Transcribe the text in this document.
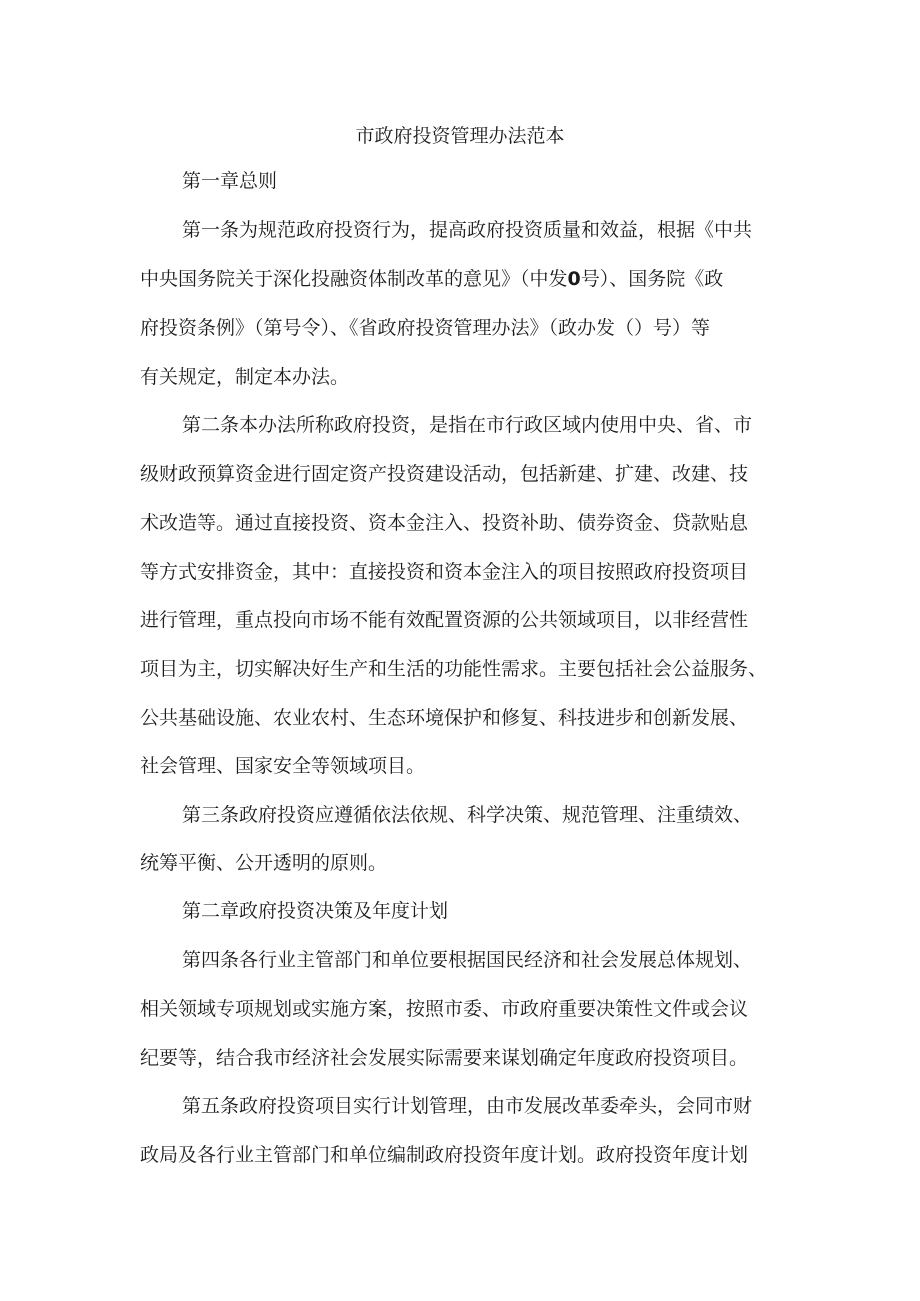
市政府投资管理办法范本
第一章总则
第一条为规范政府投资行为，提高政府投资质量和效益，根据《中共
中央国务院关于深化投融资体制改革的意见》（中发0号）、国务院《政
府投资条例》（第号令）、《省政府投资管理办法》（政办发（）号）等
有关规定，制定本办法。
第二条本办法所称政府投资，是指在市行政区域内使用中央、省、市
级财政预算资金进行固定资产投资建设活动，包括新建、扩建、改建、技
术改造等。通过直接投资、资本金注入、投资补助、债券资金、贷款贴息
等方式安排资金，其中：直接投资和资本金注入的项目按照政府投资项目
进行管理，重点投向市场不能有效配置资源的公共领域项目，以非经营性
项目为主，切实解决好生产和生活的功能性需求。主要包括社会公益服务、
公共基础设施、农业农村、生态环境保护和修复、科技进步和创新发展、
社会管理、国家安全等领域项目。
第三条政府投资应遵循依法依规、科学决策、规范管理、注重绩效、
统筹平衡、公开透明的原则。
第二章政府投资决策及年度计划
第四条各行业主管部门和单位要根据国民经济和社会发展总体规划、
相关领域专项规划或实施方案，按照市委、市政府重要决策性文件或会议
纪要等，结合我市经济社会发展实际需要来谋划确定年度政府投资项目。
第五条政府投资项目实行计划管理，由市发展改革委牵头，会同市财
政局及各行业主管部门和单位编制政府投资年度计划。政府投资年度计划
